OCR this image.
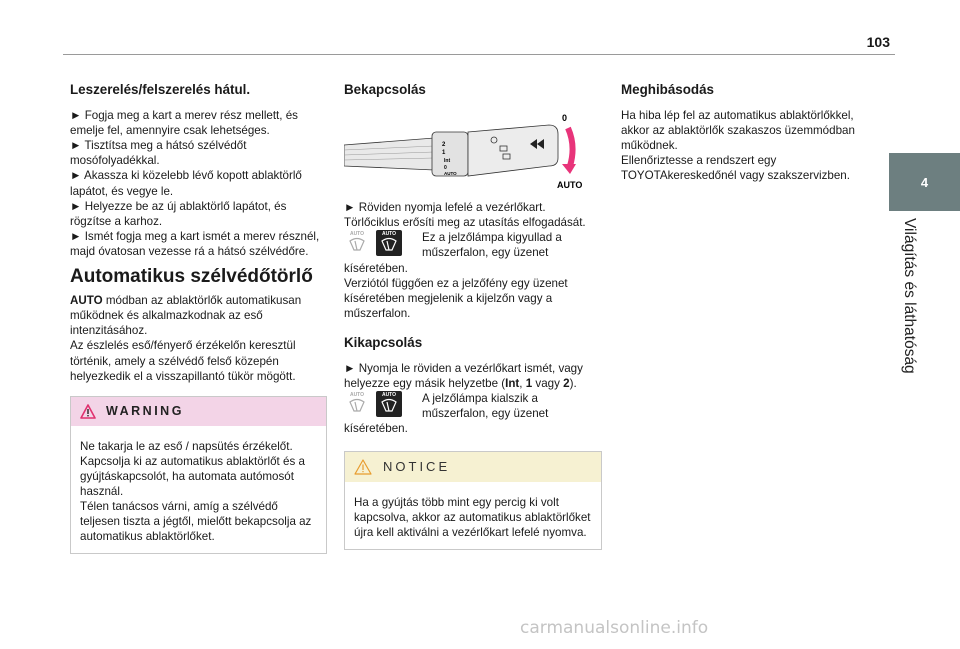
103
4
Világítás és láthatóság
Leszerelés/felszerelés hátul.

► Fogja meg a kart a merev rész mellett, és emelje fel, amennyire csak lehetséges.

► Tisztítsa meg a hátsó szélvédőt mosófolyadékkal.

► Akassza ki közelebb lévő kopott ablaktörlő lapátot, és vegye le.

► Helyezze be az új ablaktörlő lapátot, és rögzítse a karhoz.

► Ismét fogja meg a kart ismét a merev résznél, majd óvatosan vezesse rá a hátsó szélvédőre.

Automatikus szélvédőtörlő

AUTO módban az ablaktörlők automatikusan működnek és alkalmazkodnak az eső intenzitásához.

Az észlelés eső/fényerő érzékelőn keresztül történik, amely a szélvédő felső közepén helyezkedik el a visszapillantó tükör mögött.

WARNING

Ne takarja le az eső / napsütés érzékelőt.

Kapcsolja ki az automatikus ablaktörlőt és a gyújtáskapcsolót, ha automata autómosót használ.

Télen tanácsos várni, amíg a szélvédő teljesen tiszta a jégtől, mielőtt bekapcsolja az automatikus ablaktörlőket.

Bekapcsolás
2
1
Int
0
AUTO
0
AUTO

► Röviden nyomja lefelé a vezérlőkart.

Törlőciklus erősíti meg az utasítás elfogadását.

AUTO	AUTO Ez a jelzőlámpa kigyullad a

műszerfalon, egy üzenet

kíséretében.

Verziótól függően ez a jelzőfény egy üzenet kíséretében megjelenik a kijelzőn vagy a műszerfalon.

Kikapcsolás

► Nyomja le röviden a vezérlőkart ismét, vagy helyezze egy másik helyzetbe (Int, 1 vagy 2).

AUTO	AUTO A jelzőlámpa kialszik a

műszerfalon, egy üzenet

kíséretében.

NOTICE

Ha a gyújtás több mint egy percig ki volt kapcsolva, akkor az automatikus ablaktörlőket újra kell aktiválni a vezérlőkart lefelé nyomva.

Meghibásodás

Ha hiba lép fel az automatikus ablaktörlőkkel, akkor az ablaktörlők szakaszos üzemmódban működnek.

Ellenőriztesse a rendszert egy TOYOTAkereskedőnél vagy szakszervizben.

carmanualsonline.info
